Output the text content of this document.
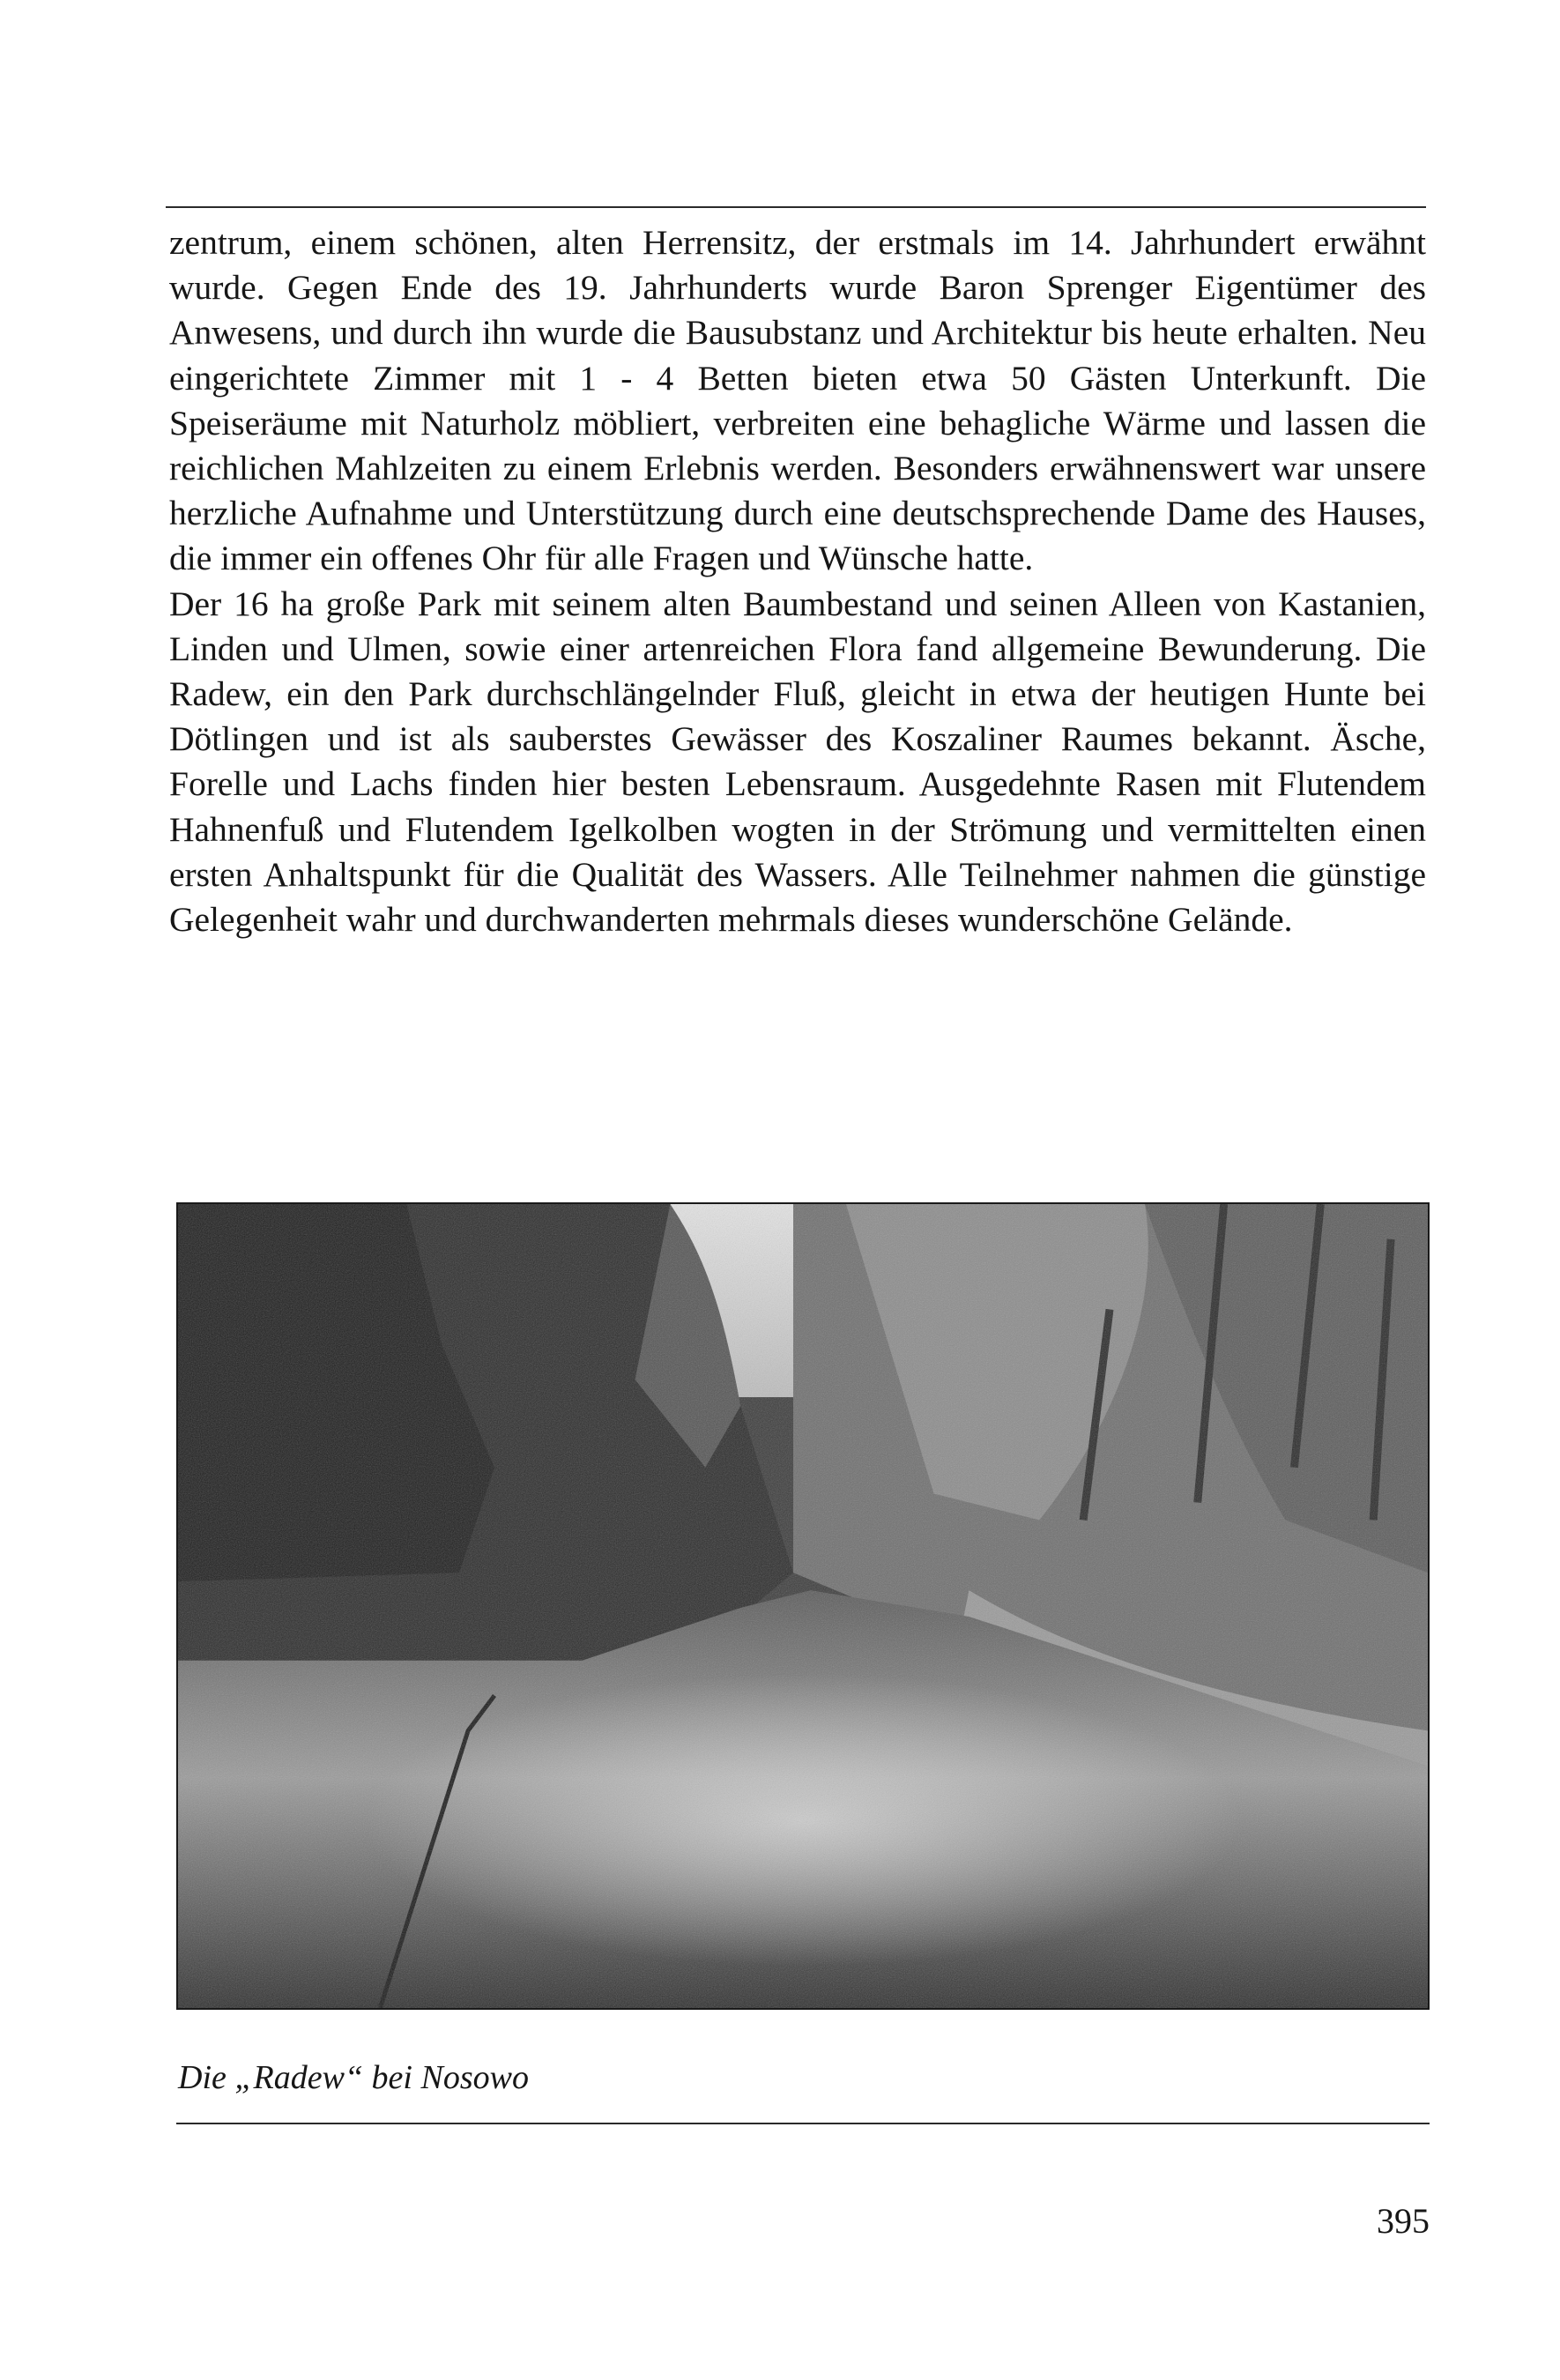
zentrum, einem schönen, alten Herrensitz, der erstmals im 14. Jahrhundert erwähnt wurde. Gegen Ende des 19. Jahrhunderts wurde Baron Sprenger Eigentümer des Anwesens, und durch ihn wurde die Bausubstanz und Architektur bis heute erhalten. Neu eingerichtete Zimmer mit 1 - 4 Betten bieten etwa 50 Gästen Unterkunft. Die Speiseräume mit Naturholz möbliert, verbreiten eine behagliche Wärme und lassen die reichlichen Mahlzeiten zu einem Erlebnis werden. Besonders erwähnenswert war unsere herzliche Aufnahme und Unterstützung durch eine deutschsprechende Dame des Hauses, die immer ein offenes Ohr für alle Fragen und Wünsche hatte.

Der 16 ha große Park mit seinem alten Baumbestand und seinen Alleen von Kastanien, Linden und Ulmen, sowie einer artenreichen Flora fand allgemeine Bewunderung. Die Radew, ein den Park durchschlängelnder Fluß, gleicht in etwa der heutigen Hunte bei Dötlingen und ist als sauberstes Gewässer des Koszaliner Raumes bekannt. Äsche, Forelle und Lachs finden hier besten Lebensraum. Ausgedehnte Rasen mit Flutendem Hahnenfuß und Flutendem Igelkolben wogten in der Strömung und vermittelten einen ersten Anhaltspunkt für die Qualität des Wassers. Alle Teilnehmer nahmen die günstige Gelegenheit wahr und durchwanderten mehrmals dieses wunderschöne Gelände.

Die „Radew“ bei Nosowo
395
